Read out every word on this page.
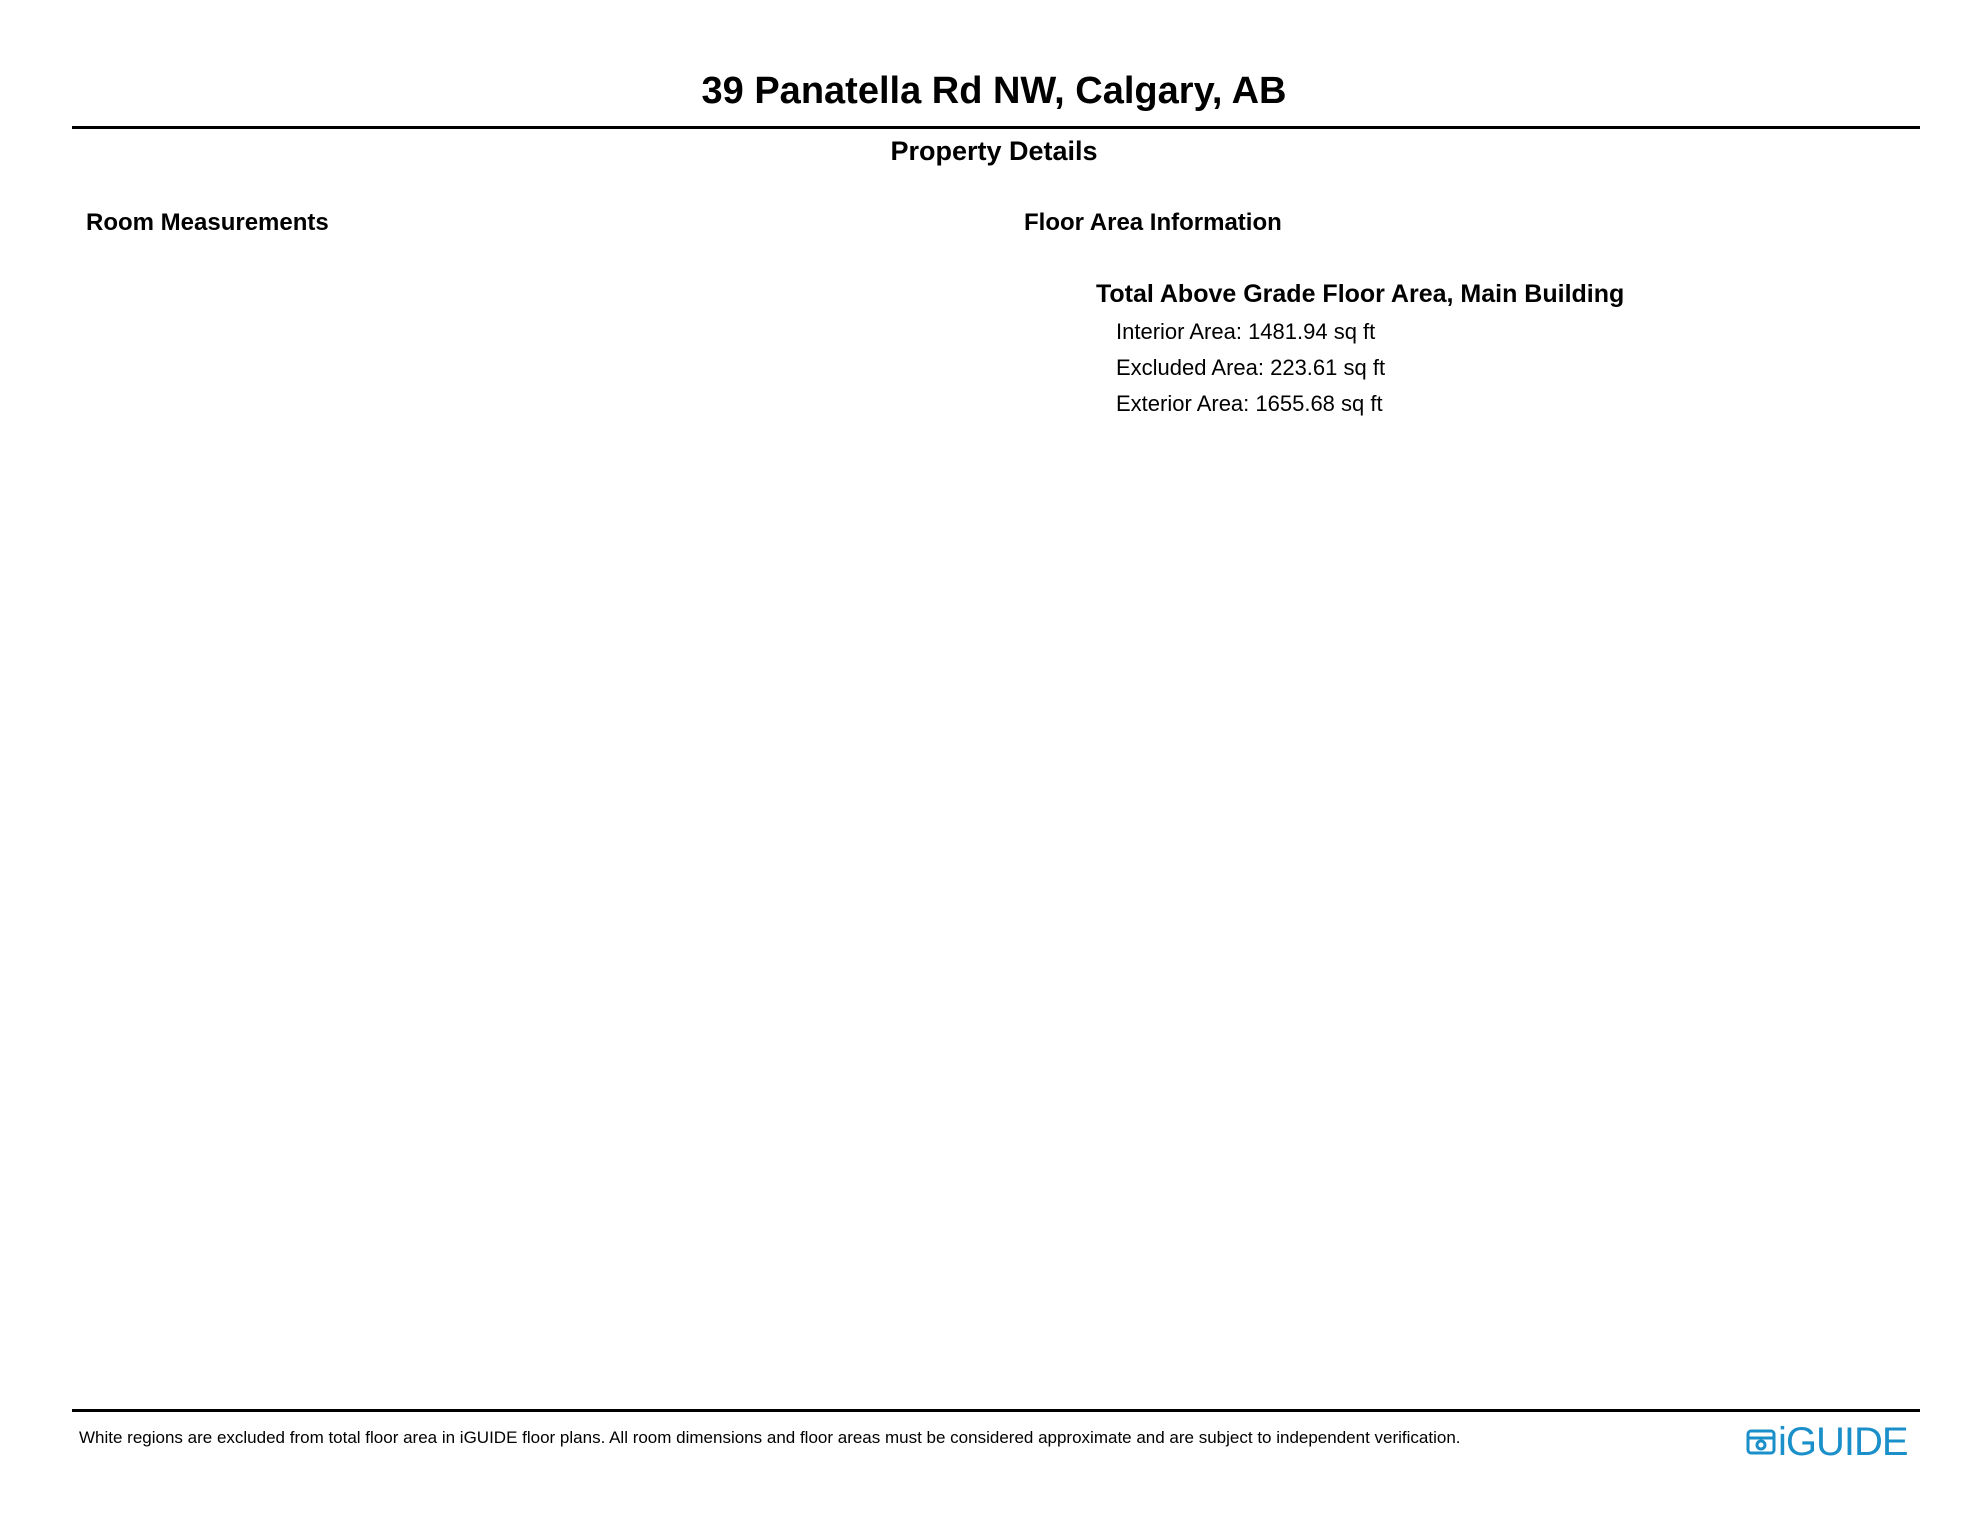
39 Panatella Rd NW, Calgary, AB
Property Details
Room Measurements	Floor Area Information
Total Above Grade Floor Area, Main Building
Interior Area: 1481.94 sq ft
Excluded Area: 223.61 sq ft
Exterior Area: 1655.68 sq ft
White regions are excluded from total floor area in iGUIDE floor plans. All room dimensions and floor areas must be considered approximate and are subject to independent verification.	iGUIDE
